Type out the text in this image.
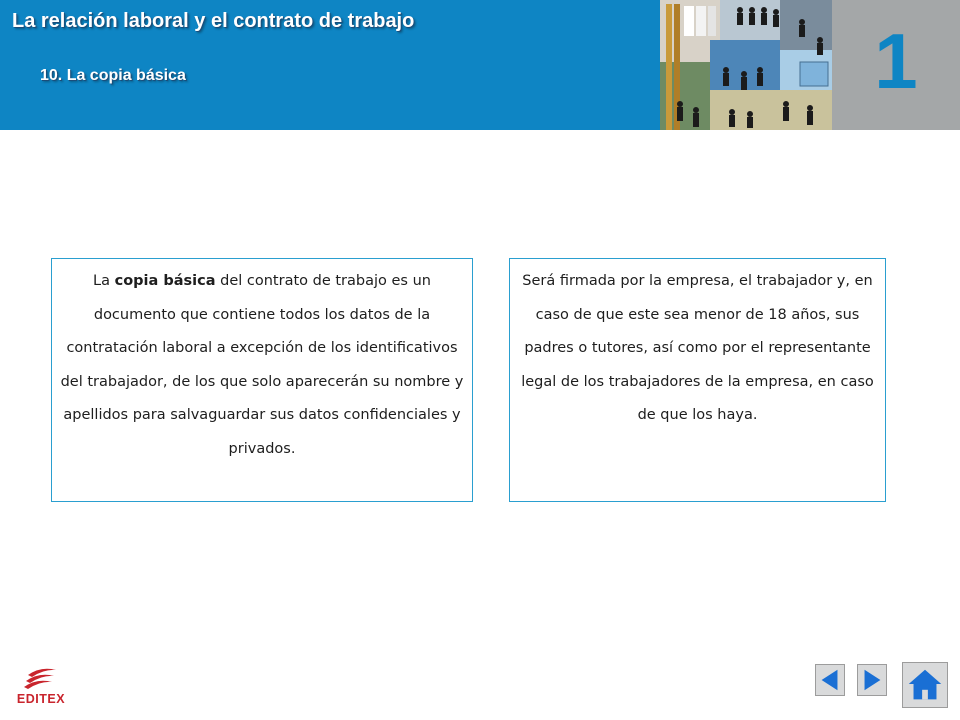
La relación laboral y el contrato de trabajo
10. La copia básica	1
La copia básica del contrato de trabajo es un documento que contiene todos los datos de la contratación laboral a excepción de los identificativos del trabajador, de los que solo aparecerán su nombre y apellidos para salvaguardar sus datos confidenciales y privados.
Será firmada por la empresa, el trabajador y, en caso de que este sea menor de 18 años, sus padres o tutores, así como por el representante legal de los trabajadores de la empresa, en caso de que los haya.
EDITEX
